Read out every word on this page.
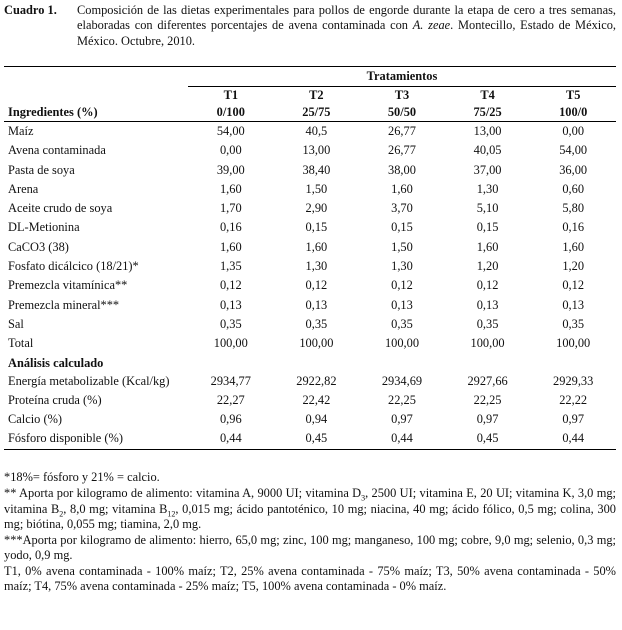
Cuadro 1. Composición de las dietas experimentales para pollos de engorde durante la etapa de cero a tres semanas, elaboradas con diferentes porcentajes de avena contaminada con A. zeae. Montecillo, Estado de México, México. Octubre, 2010.
	Tratamientos				
	T1	T2	T3	T4	T5
Ingredientes (%)	0/100	25/75	50/50	75/25	100/0
Maíz	54,00	40,5	26,77	13,00	0,00
Avena contaminada	0,00	13,00	26,77	40,05	54,00
Pasta de soya	39,00	38,40	38,00	37,00	36,00
Arena	1,60	1,50	1,60	1,30	0,60
Aceite crudo de soya	1,70	2,90	3,70	5,10	5,80
DL-Metionina	0,16	0,15	0,15	0,15	0,16
CaCO3 (38)	1,60	1,60	1,50	1,60	1,60
Fosfato dicálcico (18/21)*	1,35	1,30	1,30	1,20	1,20
Premezcla vitamínica**	0,12	0,12	0,12	0,12	0,12
Premezcla mineral***	0,13	0,13	0,13	0,13	0,13
Sal	0,35	0,35	0,35	0,35	0,35
Total	100,00	100,00	100,00	100,00	100,00
Análisis calculado					
Energía metabolizable (Kcal/kg)	2934,77	2922,82	2934,69	2927,66	2929,33
Proteína cruda (%)	22,27	22,42	22,25	22,25	22,22
Calcio (%)	0,96	0,94	0,97	0,97	0,97
Fósforo disponible (%)	0,44	0,45	0,44	0,45	0,44

*18%= fósforo y 21% = calcio.

** Aporta por kilogramo de alimento: vitamina A, 9000 UI; vitamina $D_3$, 2500 UI; vitamina E, 20 UI; vitamina K, 3,0 mg; vitamina $B_2$, 8,0 mg; vitamina $B_{12}$, 0,015 mg; ácido pantoténico, 10 mg; niacina, 40 mg; ácido fólico, 0,5 mg; colina, 300 mg; biótina, 0,055 mg; tiamina, 2,0 mg.

***Aporta por kilogramo de alimento: hierro, 65,0 mg; zinc, 100 mg; manganeso, 100 mg; cobre, 9,0 mg; selenio, 0,3 mg; yodo, 0,9 mg.

T1, 0% avena contaminada - 100% maíz; T2, 25% avena contaminada - 75% maíz; T3, 50% avena contaminada - 50% maíz; T4, 75% avena contaminada - 25% maíz; T5, 100% avena contaminada - 0% maíz.
